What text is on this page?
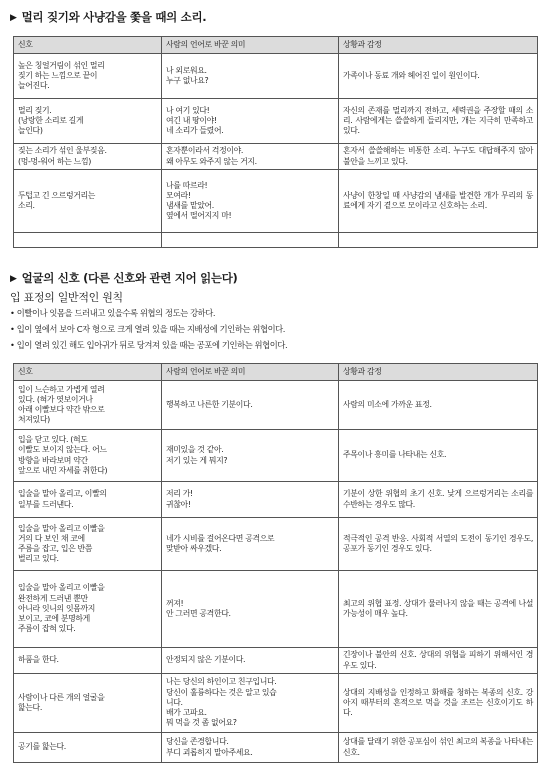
▶ 멀리 짖기와 사냥감을 쫓을 때의 소리.
신호	사람의 언어로 바꾼 의미	상황과 감정

높은 칭얼거림이 섞인 멀리
짖기 하는 느낌으로 끝이
늘어진다.	나 외로워요.
누구 없나요?	가족이나 동료 개와 헤어진 일이 원인이다.

멀리 짖기.
(낭랑한 소리로 길게
늘인다)	나 여기 있다!
여긴 내 땅이야!
네 소리가 들렸어.	자신의 존재를 멀리까지 전하고, 세력권을 주장할 때의 소리. 사람에게는 쓸쓸하게 들리지만, 개는 지극히 만족하고 있다.

짖는 소리가 섞인 울부짖음.
(멍-멍-워어 하는 느낌)	혼자뿐이라서 걱정이야.
왜 아무도 와주지 않는 거지.	혼자서 쓸쓸해하는 비통한 소리. 누구도 대답해주지 않아 불안을 느끼고 있다.

두텁고 긴 으르렁거리는
소리.	나를 따르라!
모여라!
냄새를 맡았어.
옆에서 떨어지지 마!	사냥이 한창일 때 사냥감의 냄새를 발견한 개가 무리의 동료에게 자기 곁으로 모이라고 신호하는 소리.

▶ 얼굴의 신호 (다른 신호와 관련 지어 읽는다)
입 표정의 일반적인 원칙
• 이빨이나 잇몸을 드러내고 있을수록 위협의 정도는 강하다.
• 입이 옆에서 보아 C자 형으로 크게 열려 있을 때는 지배성에 기인하는 위협이다.
• 입이 열려 있긴 해도 입아귀가 뒤로 당겨져 있을 때는 공포에 기인하는 위협이다.
신호	사람의 언어로 바꾼 의미	상황과 감정

입이 느슨하고 가볍게 열려
있다. (혀가 엿보이거나
아래 이빨보다 약간 밖으로
처져있다)	행복하고 나른한 기분이다.	사람의 미소에 가까운 표정.

입을 닫고 있다. (혀도
이빨도 보이지 않는다. 어느
방향을 바라보며 약간
앞으로 내민 자세를 취한다)	재미있을 것 같아.
저기 있는 게 뭐지?	주목이나 흥미를 나타내는 신호.

입술을 말아 올리고, 이빨의
일부를 드러낸다.	저리 가!
귀찮아!	기분이 상한 위협의 초기 신호. 낮게 으르렁거리는 소리를 수반하는 경우도 많다.

입술을 말아 올리고 이빨을
거의 다 보인 채 코에
주름을 잡고, 입은 반쯤
벌리고 있다.	네가 시비를 걸어온다면 공격으로
맞받아 싸우겠다.	적극적인 공격 반응. 사회적 서열의 도전이 동기인 경우도, 공포가 동기인 경우도 있다.

입술을 말아 올리고 이빨을
완전하게 드러낸 뿐만
아니라 잇니의 잇몸까지
보이고, 코에 분명하게
주름이 잡혀 있다.	꺼져!
안 그러면 공격한다.	최고의 위협 표정. 상대가 물러나지 않을 때는 공격에 나설 가능성이 매우 높다.

하품을 한다.	안정되지 않은 기분이다.	긴장이나 불안의 신호. 상대의 위협을 피하기 위해서인 경우도 있다.

사람이나 다른 개의 얼굴을
핥는다.	나는 당신의 하인이고 친구입니다.
당신이 훌륭하다는 것은 알고 있습
니다.
배가 고파요.
뭐 먹을 것 좀 없어요?	상대의 지배성을 인정하고 화해를 청하는 복종의 신호. 강아지 때부터의 흔적으로 먹을 것을 조르는 신호이기도 하다.

공기를 핥는다.	당신을 존경합니다.
부디 괴롭히지 말아주세요.	상대를 달래기 위한 공포심이 섞인 최고의 복종을 나타내는 신호.
